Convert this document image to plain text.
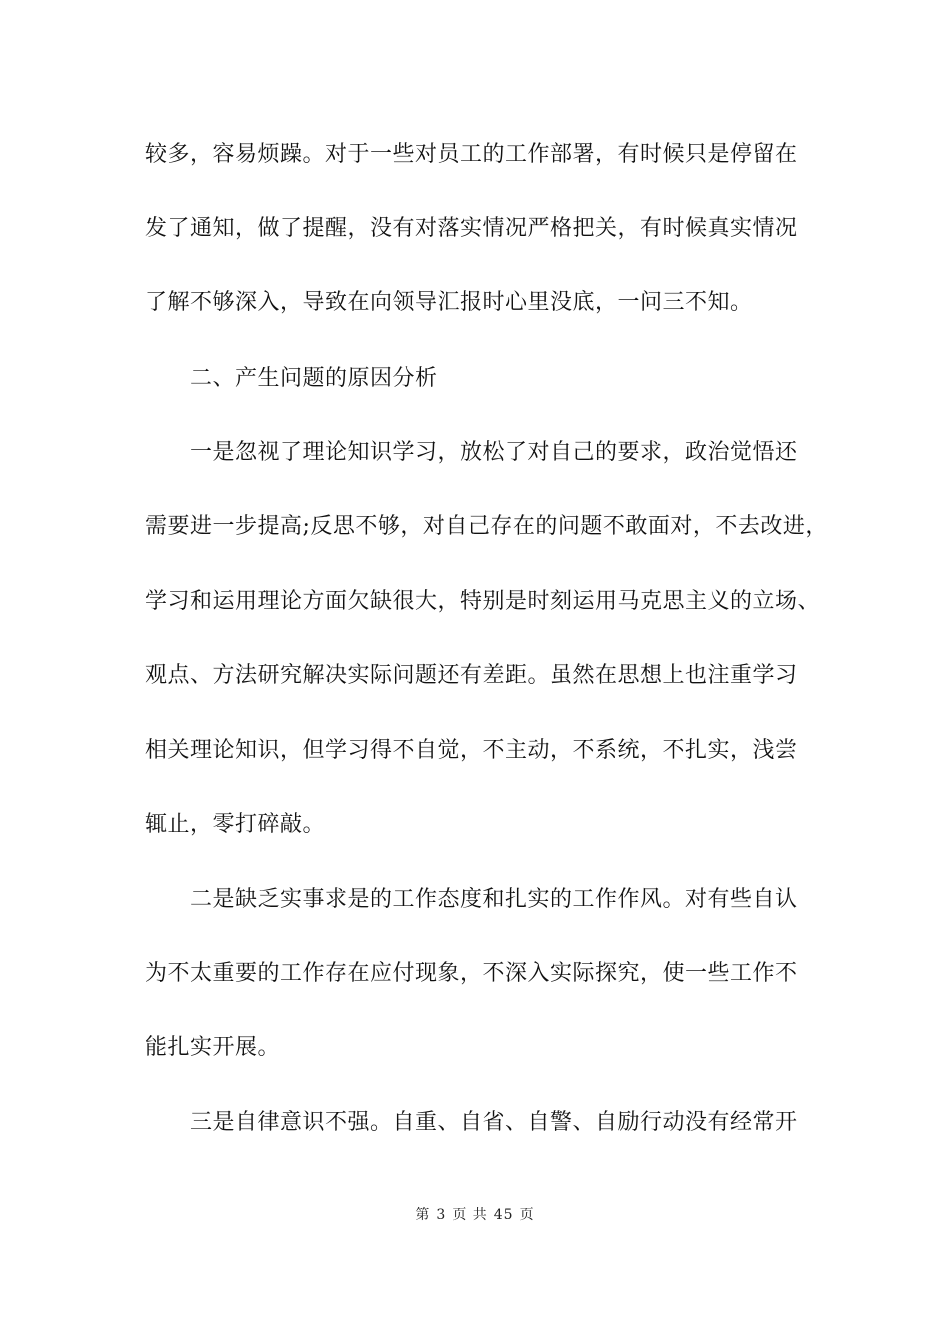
较多，容易烦躁。对于一些对员工的工作部署，有时候只是停留在
发了通知，做了提醒，没有对落实情况严格把关，有时候真实情况
了解不够深入，导致在向领导汇报时心里没底，一问三不知。
二、产生问题的原因分析
一是忽视了理论知识学习，放松了对自己的要求，政治觉悟还
需要进一步提高;反思不够，对自己存在的问题不敢面对，不去改进，
学习和运用理论方面欠缺很大，特别是时刻运用马克思主义的立场、
观点、方法研究解决实际问题还有差距。虽然在思想上也注重学习
相关理论知识，但学习得不自觉，不主动，不系统，不扎实，浅尝
辄止，零打碎敲。
二是缺乏实事求是的工作态度和扎实的工作作风。对有些自认
为不太重要的工作存在应付现象，不深入实际探究，使一些工作不
能扎实开展。
三是自律意识不强。自重、自省、自警、自励行动没有经常开
第 3 页 共 45 页
